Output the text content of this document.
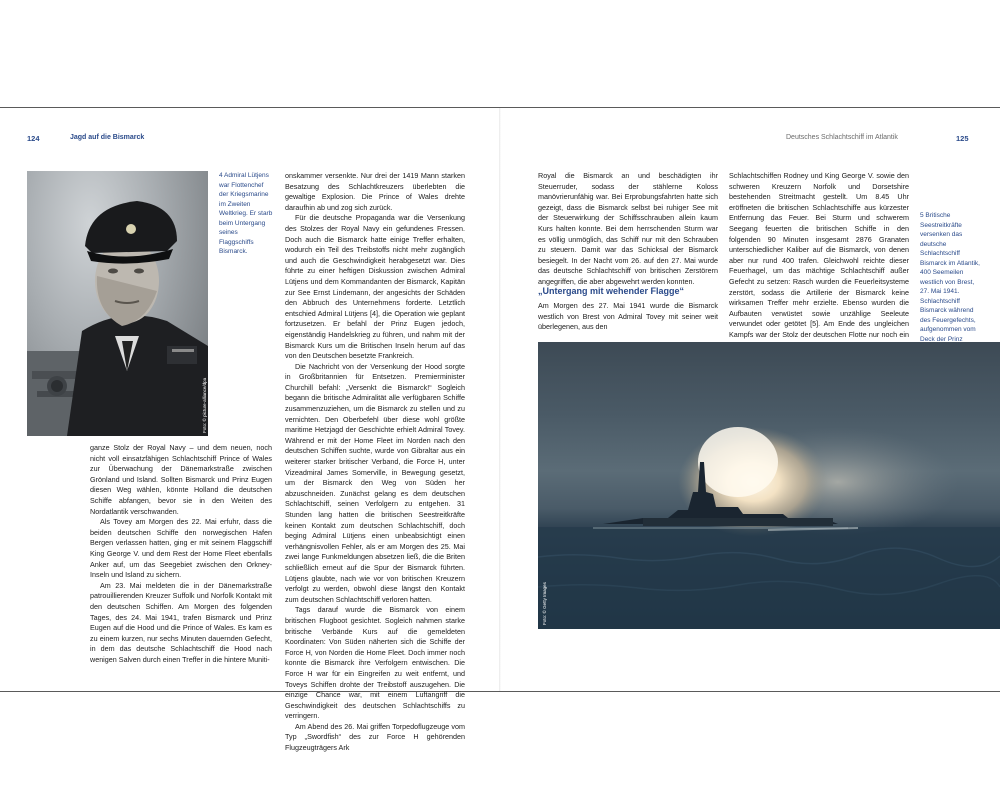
124	Jagd auf die Bismarck	Deutsches Schlachtschiff im Atlantik	125
Foto: © picture-alliance/dpa
4 Admiral Lütjens war Flottenchef der Kriegsmarine im Zweiten Weltkrieg. Er starb beim Untergang seines Flaggschiffs Bismarck.

ganze Stolz der Royal Navy – und dem neuen, noch nicht voll einsatzfähigen Schlachtschiff Prince of Wales zur Überwachung der Dänemarkstraße zwischen Grönland und Island. Sollten Bismarck und Prinz Eugen diesen Weg wählen, könnte Holland die deutschen Schiffe abfangen, bevor sie in den Weiten des Nordatlantik verschwanden.

Als Tovey am Morgen des 22. Mai erfuhr, dass die beiden deutschen Schiffe den norwegischen Hafen Bergen verlassen hatten, ging er mit seinem Flaggschiff King George V. und dem Rest der Home Fleet ebenfalls Anker auf, um das Seegebiet zwischen den Orkney-Inseln und Island zu sichern.

Am 23. Mai meldeten die in der Dänemarkstraße patrouillierenden Kreuzer Suffolk und Norfolk Kontakt mit den deutschen Schiffen. Am Morgen des folgenden Tages, des 24. Mai 1941, trafen Bismarck und Prinz Eugen auf die Hood und die Prince of Wales. Es kam es zu einem kurzen, nur sechs Minuten dauernden Gefecht, in dem das deutsche Schlachtschiff die Hood nach wenigen Salven durch einen Treffer in die hintere Muniti-

onskammer versenkte. Nur drei der 1419 Mann starken Besatzung des Schlachtkreuzers überlebten die gewaltige Explosion. Die Prince of Wales drehte daraufhin ab und zog sich zurück.

Für die deutsche Propaganda war die Versenkung des Stolzes der Royal Navy ein gefundenes Fressen. Doch auch die Bismarck hatte einige Treffer erhalten, wodurch ein Teil des Treibstoffs nicht mehr zugänglich und auch die Geschwindigkeit herabgesetzt war. Dies führte zu einer heftigen Diskussion zwischen Admiral Lütjens und dem Kommandanten der Bismarck, Kapitän zur See Ernst Lindemann, der angesichts der Schäden den Abbruch des Unternehmens forderte. Letztlich entschied Admiral Lütjens [4], die Operation wie geplant fortzusetzen. Er befahl der Prinz Eugen jedoch, eigenständig Handelskrieg zu führen, und nahm mit der Bismarck Kurs um die Britischen Inseln herum auf das von den Deutschen besetzte Frankreich.

Die Nachricht von der Versenkung der Hood sorgte in Großbritannien für Entsetzen. Premierminister Churchill befahl: „Versenkt die Bismarck!“ Sogleich begann die britische Admiralität alle verfügbaren Schiffe zusammenzuziehen, um die Bismarck zu stellen und zu vernichten. Den Oberbefehl über diese wohl größte maritime Hetzjagd der Geschichte erhielt Admiral Tovey. Während er mit der Home Fleet im Norden nach den deutschen Schiffen suchte, wurde von Gibraltar aus ein weiterer starker britischer Verband, die Force H, unter Vizeadmiral James Somerville, in Bewegung gesetzt, um der Bismarck den Weg von Süden her abzuschneiden. Zunächst gelang es dem deutschen Schlachtschiff, seinen Verfolgern zu entgehen. 31 Stunden lang hatten die britischen Seestreitkräfte keinen Kontakt zum deutschen Schlachtschiff, doch beging Admiral Lütjens einen unbeabsichtigt einen verhängnisvollen Fehler, als er am Morgen des 25. Mai zwei lange Funkmeldungen absetzen ließ, die die Briten schließlich erneut auf die Spur der Bismarck führten. Lütjens glaubte, nach wie vor von britischen Kreuzern verfolgt zu werden, obwohl diese längst den Kontakt zum deutschen Schlachtschiff verloren hatten.

Tags darauf wurde die Bismarck von einem britischen Flugboot gesichtet. Sogleich nahmen starke britische Verbände Kurs auf die gemeldeten Koordinaten: Von Süden näherten sich die Schiffe der Force H, von Norden die Home Fleet. Doch immer noch konnte die Bismarck ihre Verfolgern entwischen. Die Force H war für ein Eingreifen zu weit entfernt, und Toveys Schiffen drohte der Treibstoff auszugehen. Die einzige Chance war, mit einem Luftangriff die Geschwindigkeit des deutschen Schlachtschiffs zu verringern.

Am Abend des 26. Mai griffen Torpedoflugzeuge vom Typ „Swordfish“ des zur Force H gehörenden Flugzeugträgers Ark

Royal die Bismarck an und beschädigten ihr Steuerruder, sodass der stählerne Koloss manövrierunfähig war. Bei Erprobungsfahrten hatte sich gezeigt, dass die Bismarck selbst bei ruhiger See mit der Steuerwirkung der Schiffsschrauben allein kaum Kurs halten konnte. Bei dem herrschenden Sturm war es völlig unmöglich, das Schiff nur mit den Schrauben zu steuern. Damit war das Schicksal der Bismarck besiegelt. In der Nacht vom 26. auf den 27. Mai wurde das deutsche Schlachtschiff von britischen Zerstörern angegriffen, die aber abgewehrt werden konnten.

„Untergang mit wehender Flagge“

Am Morgen des 27. Mai 1941 wurde die Bismarck westlich von Brest von Admiral Tovey mit seiner weit überlegenen, aus den

Schlachtschiffen Rodney und King George V. sowie den schweren Kreuzern Norfolk und Dorsetshire bestehenden Streitmacht gestellt. Um 8.45 Uhr eröffneten die britischen Schlachtschiffe aus kürzester Entfernung das Feuer. Bei Sturm und schwerem Seegang feuerten die britischen Schiffe in den folgenden 90 Minuten insgesamt 2876 Granaten unterschiedlicher Kaliber auf die Bismarck, von denen aber nur rund 400 trafen. Gleichwohl reichte dieser Feuerhagel, um das mächtige Schlachtschiff außer Gefecht zu setzen: Rasch wurden die Feuerleitsysteme zerstört, sodass die Artillerie der Bismarck keine wirksamen Treffer mehr erzielte. Ebenso wurden die Aufbauten verwüstet sowie unzählige Seeleute verwundet oder getötet [5]. Am Ende des ungleichen Kampfs war der Stolz der deutschen Flotte nur noch ein

5 Britische Seestreitkräfte versenken das deutsche Schlachtschiff Bismarck im Atlantik, 400 Seemeilen westlich von Brest, 27. Mai 1941. Schlachtschiff Bismarck während des Feuergefechts, aufgenommen vom Deck der Prinz
Foto: © Getty Images
